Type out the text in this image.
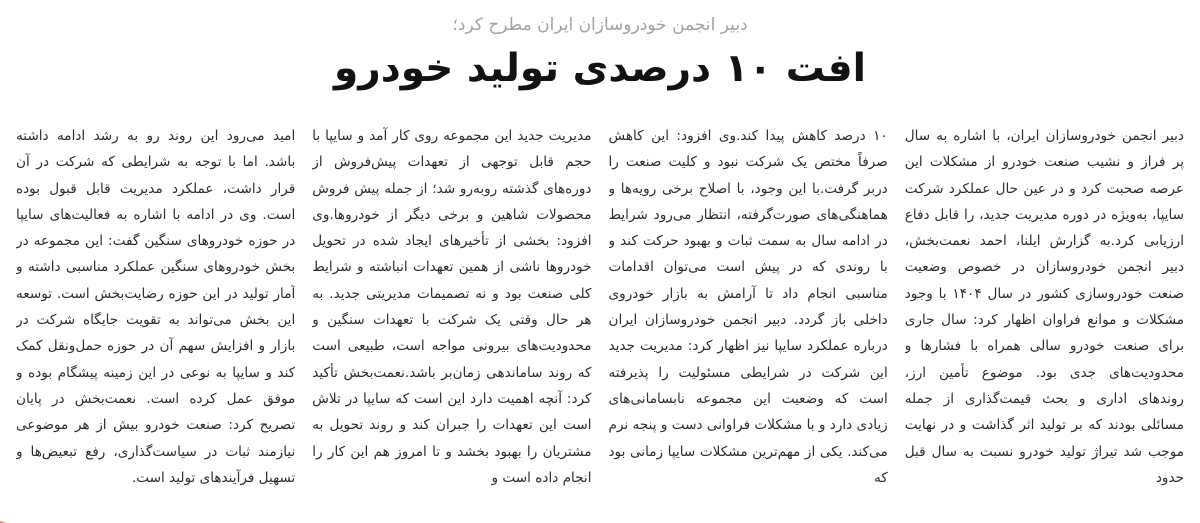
دبیر انجمن خودروسازان ایران مطرح کرد؛
افت ۱۰ درصدی تولید خودرو
دبیر انجمن خودروسازان ایران، با اشاره به سال پر فراز و نشیب صنعت خودرو از مشکلات این عرصه صحبت کرد و در عین حال عملکرد شرکت سایپا، به‌ویژه در دوره مدیریت جدید، را قابل دفاع ارزیابی کرد.به گزارش ایلنا، احمد نعمت‌بخش، دبیر انجمن خودروسازان در خصوص وضعیت صنعت خودروسازی کشور در سال ۱۴۰۴ با وجود مشکلات و موانع فراوان اظهار کرد: سال جاری برای صنعت خودرو سالی همراه با فشارها و محدودیت‌های جدی بود. موضوع تأمین ارز، روندهای اداری و بحث قیمت‌گذاری از جمله مسائلی بودند که بر تولید اثر گذاشت و در نهایت موجب شد تیراژ تولید خودرو نسبت به سال قبل حدود
۱۰ درصد کاهش پیدا کند.وی افزود: این کاهش صرفاً مختص یک شرکت نبود و کلیت صنعت را دربر گرفت.با این وجود، با اصلاح برخی رویه‌ها و هماهنگی‌های صورت‌گرفته، انتظار می‌رود شرایط در ادامه سال به سمت ثبات و بهبود حرکت کند و با روندی که در پیش است می‌توان اقدامات مناسبی انجام داد تا آرامش به بازار خودروی داخلی باز گردد. دبیر انجمن خودروسازان ایران درباره عملکرد سایپا نیز اظهار کرد: مدیریت جدید این شرکت در شرایطی مسئولیت را پذیرفته است که وضعیت این مجموعه نابسامانی‌های زیادی دارد و با مشکلات فراوانی دست و پنجه نرم می‌کند. یکی از مهم‌ترین مشکلات سایپا زمانی بود که
مدیریت جدید این مجموعه روی کار آمد و سایپا با حجم قابل توجهی از تعهدات پیش‌فروش از دوره‌های گذشته روبه‌رو شد؛ از جمله پیش فروش محصولات شاهین و برخی دیگر از خودروها.وی افزود: بخشی از تأخیرهای ایجاد شده در تحویل خودروها ناشی از همین تعهدات انباشته و شرایط کلی صنعت بود و نه تصمیمات مدیریتی جدید. به هر حال وقتی یک شرکت با تعهدات سنگین و محدودیت‌های بیرونی مواجه است، طبیعی است که روند ساماندهی زمان‌بر باشد.نعمت‌بخش تأکید کرد: آنچه اهمیت دارد این است که سایپا در تلاش است این تعهدات را جبران کند و روند تحویل به مشتریان را بهبود بخشد و تا امروز هم این کار را انجام داده است و
امید می‌رود این روند رو به رشد ادامه داشته باشد. اما با توجه به شرایطی که شرکت در آن قرار داشت، عملکرد مدیریت قابل قبول بوده است. وی در ادامه با اشاره به فعالیت‌های سایپا در حوزه خودروهای سنگین گفت: این مجموعه در بخش خودروهای سنگین عملکرد مناسبی داشته و آمار تولید در این حوزه رضایت‌بخش است. توسعه این بخش می‌تواند به تقویت جایگاه شرکت در بازار و افزایش سهم آن در حوزه حمل‌ونقل کمک کند و سایپا به نوعی در این زمینه پیشگام بوده و موفق عمل کرده است. نعمت‌بخش در پایان تصریح کرد: صنعت خودرو بیش از هر موضوعی نیازمند ثبات در سیاست‌گذاری، رفع تبعیض‌ها و تسهیل فرآیندهای تولید است.
